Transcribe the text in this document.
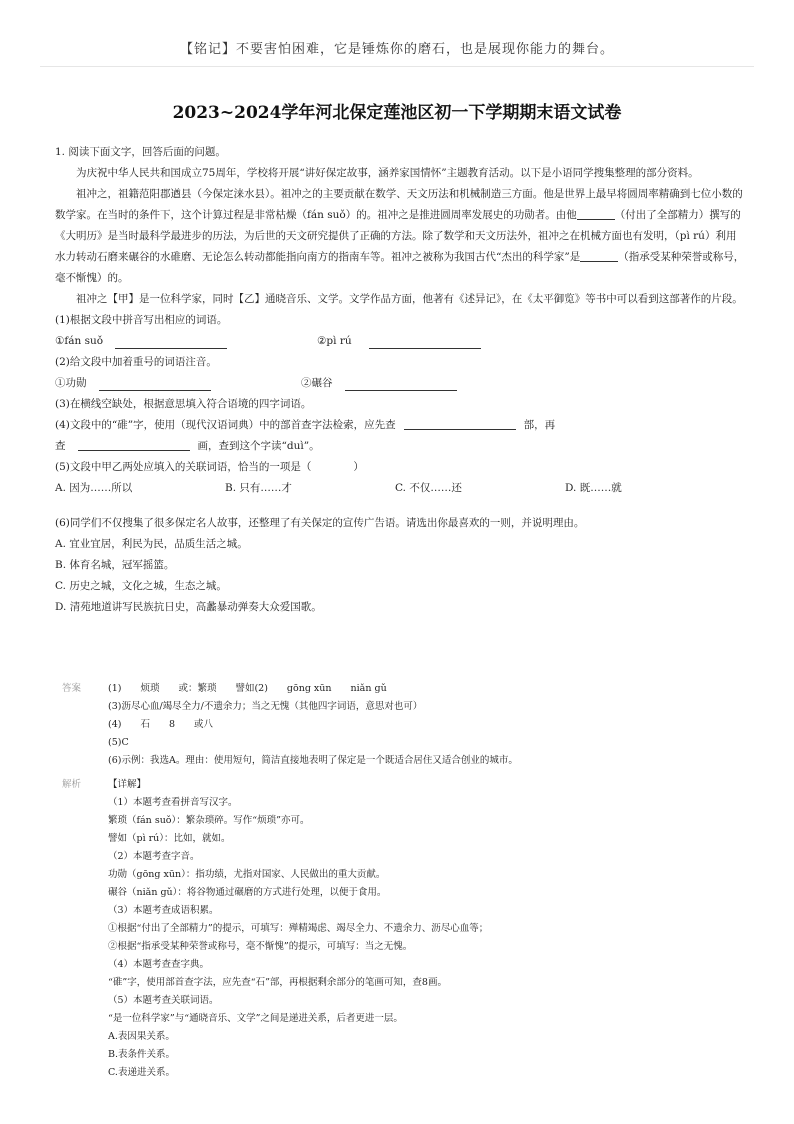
【铭记】不要害怕困难，它是锤炼你的磨石，也是展现你能力的舞台。
2023~2024学年河北保定莲池区初一下学期期末语文试卷

1. 阅读下面文字，回答后面的问题。

为庆祝中华人民共和国成立75周年，学校将开展“讲好保定故事，涵养家国情怀”主题教育活动。以下是小语同学搜集整理的部分资料。

祖冲之，祖籍范阳郡遒县（今保定涞水县）。祖冲之的主要贡献在数学、天文历法和机械制造三方面。他是世界上最早将圆周率精确到七位小数的数学家。在当时的条件下，这个计算过程是非常枯燥（fán suǒ）的。祖冲之是推进圆周率发展史的功勋者。由他	（付出了全部精力）撰写的《大明历》是当时最科学最进步的历法，为后世的天文研究提供了正确的方法。除了数学和天文历法外，祖冲之在机械方面也有发明，（pì rú）利用水力转动石磨来碾谷的水碓磨、无论怎么转动都能指向南方的指南车等。祖冲之被称为我国古代“杰出的科学家”是	（指承受某种荣誉或称号，毫不惭愧）的。

祖冲之【甲】是一位科学家，同时【乙】通晓音乐、文学。文学作品方面，他著有《述异记》，在《太平御览》等书中可以看到这部著作的片段。

(1)根据文段中拼音写出相应的词语。

①fán suǒ	②pì rú

(2)给文段中加着重号的词语注音。

①功勋	②碾谷

(3)在横线空缺处，根据意思填入符合语境的四字词语。

(4)文段中的“碓”字，使用（现代汉语词典）中的部首查字法检索，应先查	部，再

查	画，查到这个字读“duì”。

(5)文段中甲乙两处应填入的关联词语，恰当的一项是（　　　　）

A. 因为……所以	B. 只有……才	C. 不仅……还	D. 既……就

(6)同学们不仅搜集了很多保定名人故事，还整理了有关保定的宣传广告语。请选出你最喜欢的一则，并说明理由。

A. 宜业宜居，利民为民，品质生活之城。

B. 体育名城，冠军摇篮。

C. 历史之城，文化之城，生态之城。

D. 清苑地道讲写民族抗日史，高蠡暴动弹奏大众爱国歌。

答案	(1)　　烦琐　　或：繁琐　　譬如(2)　　gōng xūn　　niǎn gǔ

(3)沥尽心血/竭尽全力/不遗余力；当之无愧（其他四字词语，意思对也可）

(4)　　石　　8　　或八

(5)C

(6)示例：我选A。理由：使用短句，简洁直接地表明了保定是一个既适合居住又适合创业的城市。

解析	【详解】

（1）本题考查看拼音写汉字。

繁琐（fán suǒ）：繁杂琐碎。写作“烦琐”亦可。

譬如（pì rú）：比如，就如。

（2）本题考查字音。

功勋（gōng xūn）：指功绩，尤指对国家、人民做出的重大贡献。

碾谷（niǎn gǔ）：将谷物通过碾磨的方式进行处理，以便于食用。

（3）本题考查成语积累。

①根据“付出了全部精力”的提示，可填写：殚精竭虑、竭尽全力、不遗余力、沥尽心血等；

②根据“指承受某种荣誉或称号，毫不惭愧”的提示，可填写：当之无愧。

（4）本题考查查字典。

“碓”字，使用部首查字法，应先查“石”部，再根据剩余部分的笔画可知，查8画。

（5）本题考查关联词语。

“是一位科学家”与“通晓音乐、文学”之间是递进关系，后者更进一层。

A.表因果关系。

B.表条件关系。

C.表递进关系。
